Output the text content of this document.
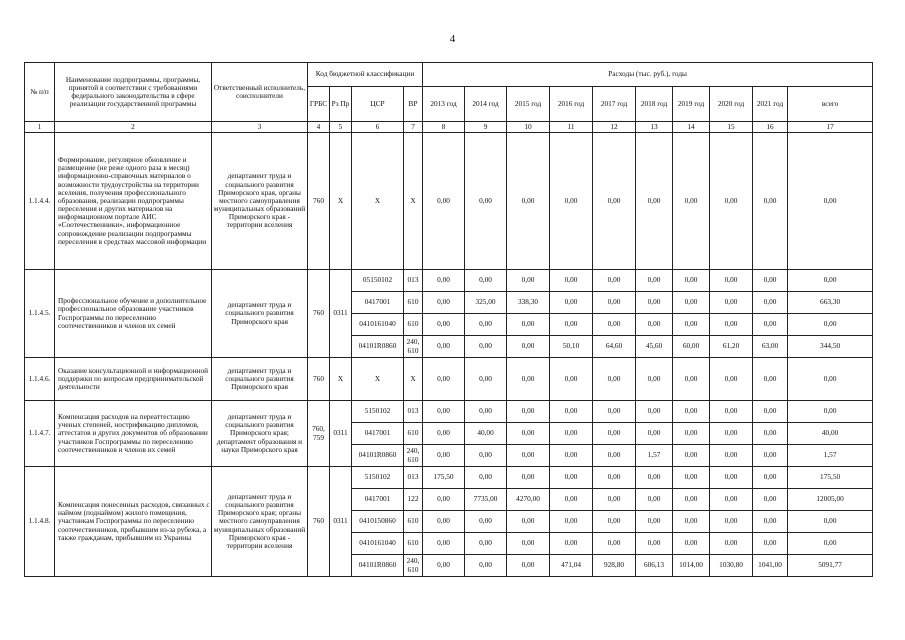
4
№ п/п	Наименование подпрограммы, программы, принятой в соответствии с требованиями федерального законодательства в сфере реализации государственной программы	Ответственный исполнитель, соисполнители	Код бюджетной классификации				Расходы (тыс. руб.), годы									
			ГРБС	Рз Пр	ЦСР	ВР	2013 год	2014 год	2015 год	2016 год	2017 год	2018 год	2019 год	2020 год	2021 год	всего
1	2	3	4	5	6	7	8	9	10	11	12	13	14	15	16	17
1.1.4.4.	Формирование, регулярное обновление и размещение (не реже одного раза в месяц) информационно-справочных материалов о возможности трудоустройства на территории вселения, получения профессионального образования, реализации подпрограммы переселения и других материалов на информационном портале АИС «Соотечественники», информационное сопровождение реализации подпрограммы переселения в средствах массовой информации	департамент труда и социального развития Приморского края, органы местного самоуправления муниципальных образований Приморского края - территории вселения	760	Х	Х	Х	0,00	0,00	0,00	0,00	0,00	0,00	0,00	0,00	0,00	0,00
1.1.4.5.	Профессиональное обучение и дополнительное профессиональное образование участников Госпрограммы по переселению соотечественников и членов их семей	департамент труда и социального развития Приморского края	760	0311	05150102	013	0,00	0,00	0,00	0,00	0,00	0,00	0,00	0,00	0,00	0,00
					0417001	610	0,00	325,00	338,30	0,00	0,00	0,00	0,00	0,00	0,00	663,30
					0410161040	610	0,00	0,00	0,00	0,00	0,00	0,00	0,00	0,00	0,00	0,00
					04101R0860	240, 610	0,00	0,00	0,00	50,10	64,60	45,60	60,00	61,20	63,00	344,50
1.1.4.6.	Оказание консультационной и информационной поддержки по вопросам предпринимательской деятельности	департамент труда и социального развития Приморского края	760	Х	Х	Х	0,00	0,00	0,00	0,00	0,00	0,00	0,00	0,00	0,00	0,00
1.1.4.7.	Компенсация расходов на переаттестацию ученых степеней, нострификацию дипломов, аттестатов и других документов об образовании участников Госпрограммы по переселению соотечественников и членов их семей	департамент труда и социального развития Приморского края; департамент образования и науки Приморского края	760, 759	0311	5150102	013	0,00	0,00	0,00	0,00	0,00	0,00	0,00	0,00	0,00	0,00
					0417001	610	0,00	40,00	0,00	0,00	0,00	0,00	0,00	0,00	0,00	40,00
					04101R0860	240, 610	0,00	0,00	0,00	0,00	0,00	1,57	0,00	0,00	0,00	1,57
1.1.4.8.	Компенсация понесенных расходов, связанных с наймом (поднаймом) жилого помещения, участникам Госпрограммы по переселению соотечественников, прибывшим из-за рубежа, а также гражданам, прибывшим из Украины	департамент труда и социального развития Приморского края; органы местного самоуправления муниципальных образований Приморского края - территории вселения	760	0311	5150102	013	175,50	0,00	0,00	0,00	0,00	0,00	0,00	0,00	0,00	175,50
					0417001	122	0,00	7735,00	4270,00	0,00	0,00	0,00	0,00	0,00	0,00	12005,00
					0410150860	610	0,00	0,00	0,00	0,00	0,00	0,00	0,00	0,00	0,00	0,00
					0410161040	610	0,00	0,00	0,00	0,00	0,00	0,00	0,00	0,00	0,00	0,00
					04101R0860	240, 610	0,00	0,00	0,00	471,04	928,80	606,13	1014,00	1030,80	1041,00	5091,77
